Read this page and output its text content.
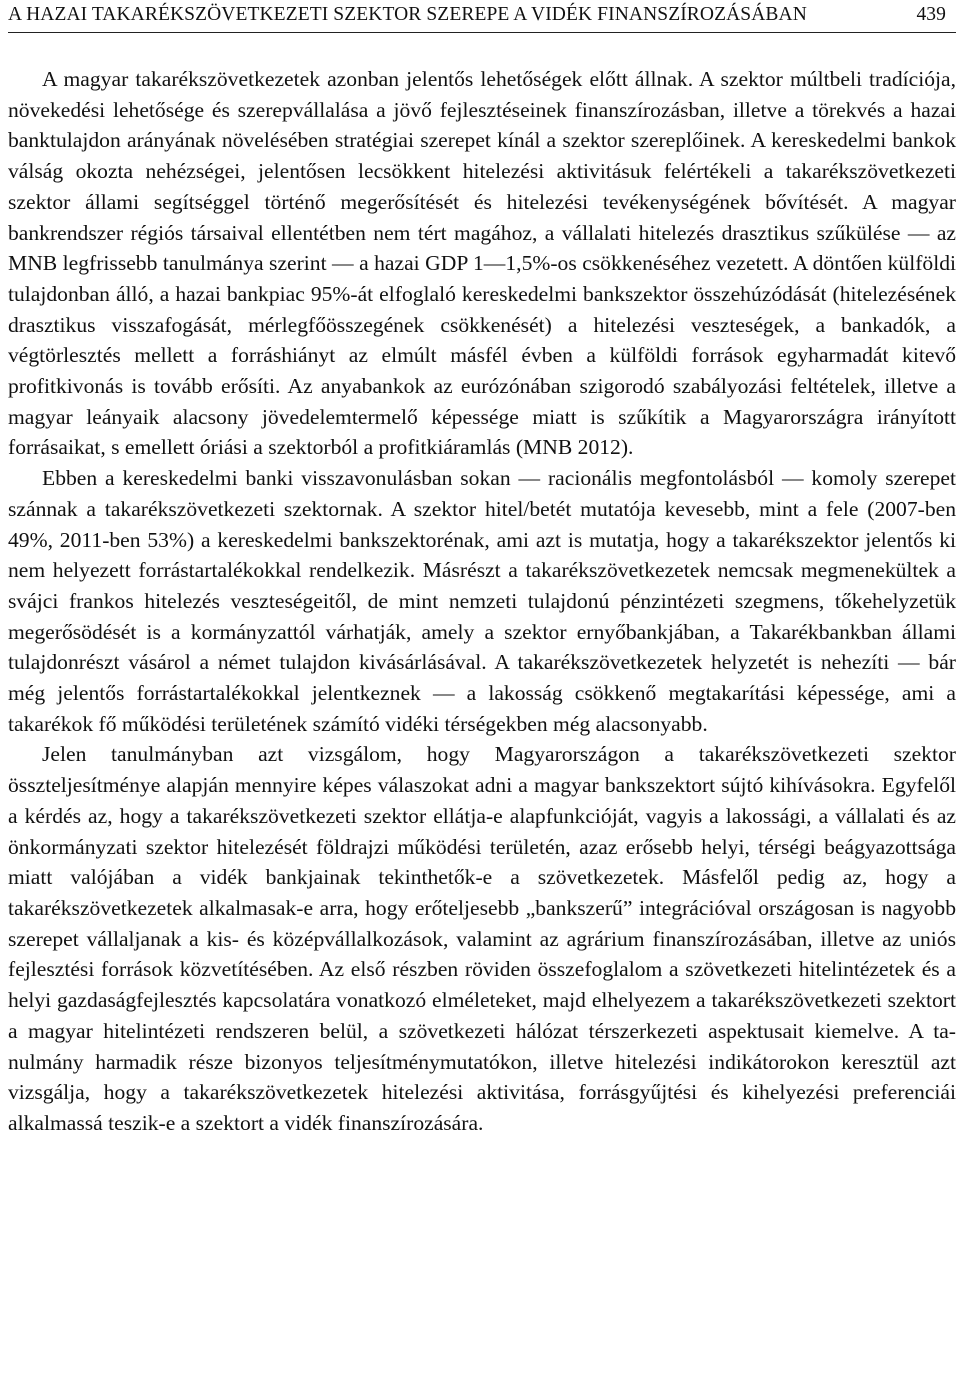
A HAZAI TAKARÉKSZÖVETKEZETI SZEKTOR SZEREPE A VIDÉK FINANSZÍROZÁSÁBAN	439

A magyar takarékszövetkezetek azonban jelentős lehetőségek előtt állnak. A szektor múltbeli tradíciója, növekedési lehetősége és szerepvállalása a jövő fejlesztéseinek finanszírozásban, illetve a törekvés a hazai banktulajdon arányának növelésében stratégiai szerepet kínál a szektor szereplőinek. A kereskedelmi bankok válság okozta nehézségei, jelentősen lecsökkent hitelezési aktivitásuk felértékeli a takarékszövetkezeti szektor állami segítséggel történő megerősítését és hitelezési tevékenységének bővítését. A magyar bankrendszer régiós társaival ellentétben nem tért magához, a vállalati hitelezés drasztikus szűkülése — az MNB legfrissebb tanulmánya szerint — a hazai GDP 1—1,5%-os csökkenéséhez vezetett. A döntően külföldi tulajdonban álló, a hazai bankpiac 95%-át elfoglaló kereskedelmi bankszektor összehúzódását (hitelezésének drasztikus visszafogását, mérlegfőösszegének csökkenését) a hitelezési veszteségek, a bankadók, a végtörlesztés mellett a forráshiányt az elmúlt másfél évben a külföldi források egyharmadát kitevő profitkivonás is tovább erősíti. Az anyabankok az eurózónában szigorodó szabályozási feltételek, illetve a magyar leányaik alacsony jövedelemtermelő képessége miatt is szűkítik a Magyarországra irányított forrásaikat, s emellett óriási a szektorból a profitkiáramlás (MNB 2012).

Ebben a kereskedelmi banki visszavonulásban sokan — racionális megfontolásból — komoly szerepet szánnak a takarékszövetkezeti szektornak. A szektor hitel/betét mutatója kevesebb, mint a fele (2007-ben 49%, 2011-ben 53%) a kereskedelmi bankszektorénak, ami azt is mutatja, hogy a takarékszektor jelentős ki nem helyezett forrástartalékokkal rendelkezik. Másrészt a takarékszövetkezetek nemcsak megmenekültek a svájci frankos hitelezés veszteségeitől, de mint nemzeti tulajdonú pénzintézeti szegmens, tőkehelyzetük megerősödését is a kormányzattól várhatják, amely a szektor ernyőbankjában, a Takarékbankban állami tulajdonrészt vásárol a német tulajdon kivásárlásával. A takarékszövetkezetek helyzetét is nehezíti — bár még jelentős forrástartalékokkal jelentkeznek — a lakosság csökkenő megtakarítási képessége, ami a takarékok fő működési területének számító vidéki térségekben még alacsonyabb.

Jelen tanulmányban azt vizsgálom, hogy Magyarországon a takarékszövetkezeti szektor összteljesítménye alapján mennyire képes válaszokat adni a magyar bankszektort sújtó kihívásokra. Egyfelől a kérdés az, hogy a takarékszövetkezeti szektor ellátja-e alapfunkcióját, vagyis a lakossági, a vállalati és az önkormányzati szektor hitelezését földrajzi működési területén, azaz erősebb helyi, térségi beágyazottsága miatt valójában a vidék bankjainak tekinthetők-e a szövetkezetek. Másfelől pedig az, hogy a takarékszövetkezetek alkalmasak-e arra, hogy erőteljesebb „bankszerű” integrációval országosan is nagyobb szerepet vállaljanak a kis- és középvállalkozások, valamint az agrárium finanszírozásában, illetve az uniós fejlesztési források közvetítésében. Az első részben röviden összefoglalom a szövetkezeti hitelintézetek és a helyi gazdaságfejlesztés kapcsolatára vonatkozó elméleteket, majd elhelyezem a takarékszövetkezeti szektort a magyar hitelintézeti rendszeren belül, a szövetkezeti hálózat térszerkezeti aspektusait kiemelve. A tanulmány harmadik része bizonyos teljesítménymutatókon, illetve hitelezési indikátorokon keresztül azt vizsgálja, hogy a takarékszövetkezetek hitelezési aktivitása, forrásgyűjtési és kihelyezési preferenciái alkalmassá teszik-e a szektort a vidék finanszírozására.
